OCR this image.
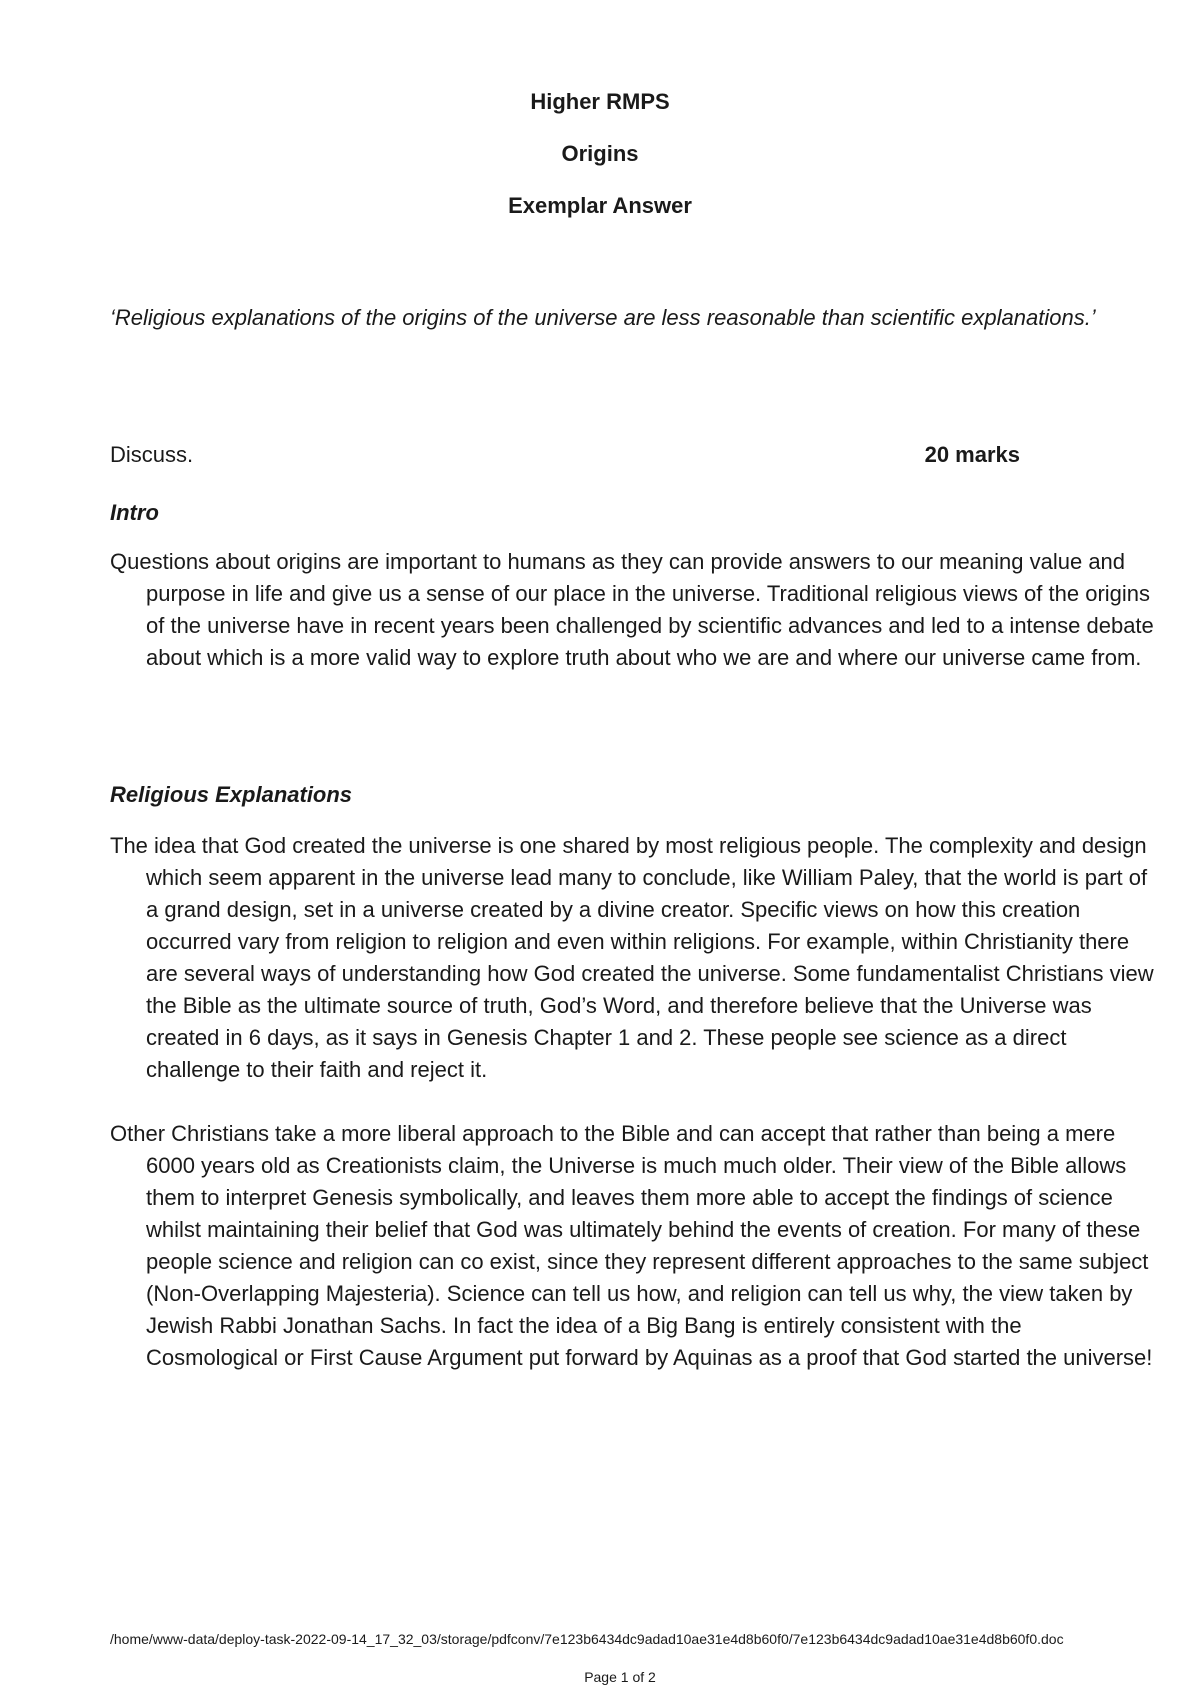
Higher RMPS

Origins

Exemplar Answer

‘Religious explanations of the origins of the universe are less reasonable than scientific explanations.’

Discuss.	20 marks

Intro

Questions about origins are important to humans as they can provide answers to our meaning value and purpose in life and give us a sense of our place in the universe. Traditional religious views of the origins of the universe have in recent years been challenged by scientific advances and led to a intense debate about which is a more valid way to explore truth about who we are and where our universe came from.

Religious Explanations

The idea that God created the universe is one shared by most religious people. The complexity and design which seem apparent in the universe lead many to conclude, like William Paley, that the world is part of a grand design, set in a universe created by a divine creator. Specific views on how this creation occurred vary from religion to religion and even within religions. For example, within Christianity there are several ways of understanding how God created the universe. Some fundamentalist Christians view the Bible as the ultimate source of truth, God’s Word, and therefore believe that the Universe was created in 6 days, as it says in Genesis Chapter 1 and 2. These people see science as a direct challenge to their faith and reject it.

Other Christians take a more liberal approach to the Bible and can accept that rather than being a mere 6000 years old as Creationists claim, the Universe is much much older. Their view of the Bible allows them to interpret Genesis symbolically, and leaves them more able to accept the findings of science whilst maintaining their belief that God was ultimately behind the events of creation. For many of these people science and religion can co exist, since they represent different approaches to the same subject (Non-Overlapping Majesteria). Science can tell us how, and religion can tell us why, the view taken by Jewish Rabbi Jonathan Sachs. In fact the idea of a Big Bang is entirely consistent with the Cosmological or First Cause Argument put forward by Aquinas as a proof that God started the universe!

/home/www-data/deploy-task-2022-09-14_17_32_03/storage/pdfconv/7e123b6434dc9adad10ae31e4d8b60f0/7e123b6434dc9adad10ae31e4d8b60f0.doc

Page 1 of 2
